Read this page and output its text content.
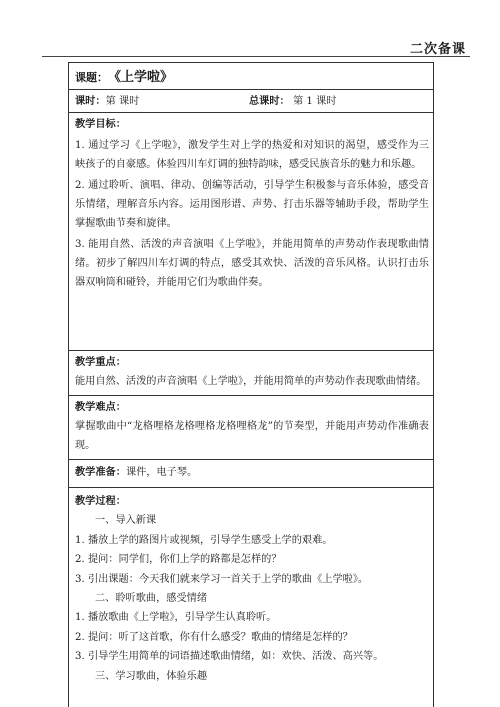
二次备课
课题： 《上学啦》
课时： 第 课时	总课时： 第 1 课时
教学目标：
1. 通过学习《上学啦》，激发学生对上学的热爱和对知识的渴望，感受作为三峡孩子的自豪感。体验四川车灯调的独特韵味，感受民族音乐的魅力和乐趣。
2. 通过聆听、演唱、律动、创编等活动，引导学生积极参与音乐体验，感受音乐情绪，理解音乐内容。运用图形谱、声势、打击乐器等辅助手段，帮助学生掌握歌曲节奏和旋律。
3. 能用自然、活泼的声音演唱《上学啦》，并能用简单的声势动作表现歌曲情绪。初步了解四川车灯调的特点，感受其欢快、活泼的音乐风格。认识打击乐器双响筒和碰铃，并能用它们为歌曲伴奏。
教学重点：
能用自然、活泼的声音演唱《上学啦》，并能用简单的声势动作表现歌曲情绪。
教学难点：
掌握歌曲中“龙格哩格龙格哩格龙格哩格龙”的节奏型，并能用声势动作准确表现。
教学准备： 课件，电子琴。
教学过程：
一、导入新课
1. 播放上学的路图片或视频，引导学生感受上学的艰难。
2. 提问：同学们，你们上学的路都是怎样的？
3. 引出课题：今天我们就来学习一首关于上学的歌曲《上学啦》。
二、聆听歌曲，感受情绪
1. 播放歌曲《上学啦》，引导学生认真聆听。
2. 提问：听了这首歌，你有什么感受？歌曲的情绪是怎样的？
3. 引导学生用简单的词语描述歌曲情绪，如：欢快、活泼、高兴等。
三、学习歌曲，体验乐趣
